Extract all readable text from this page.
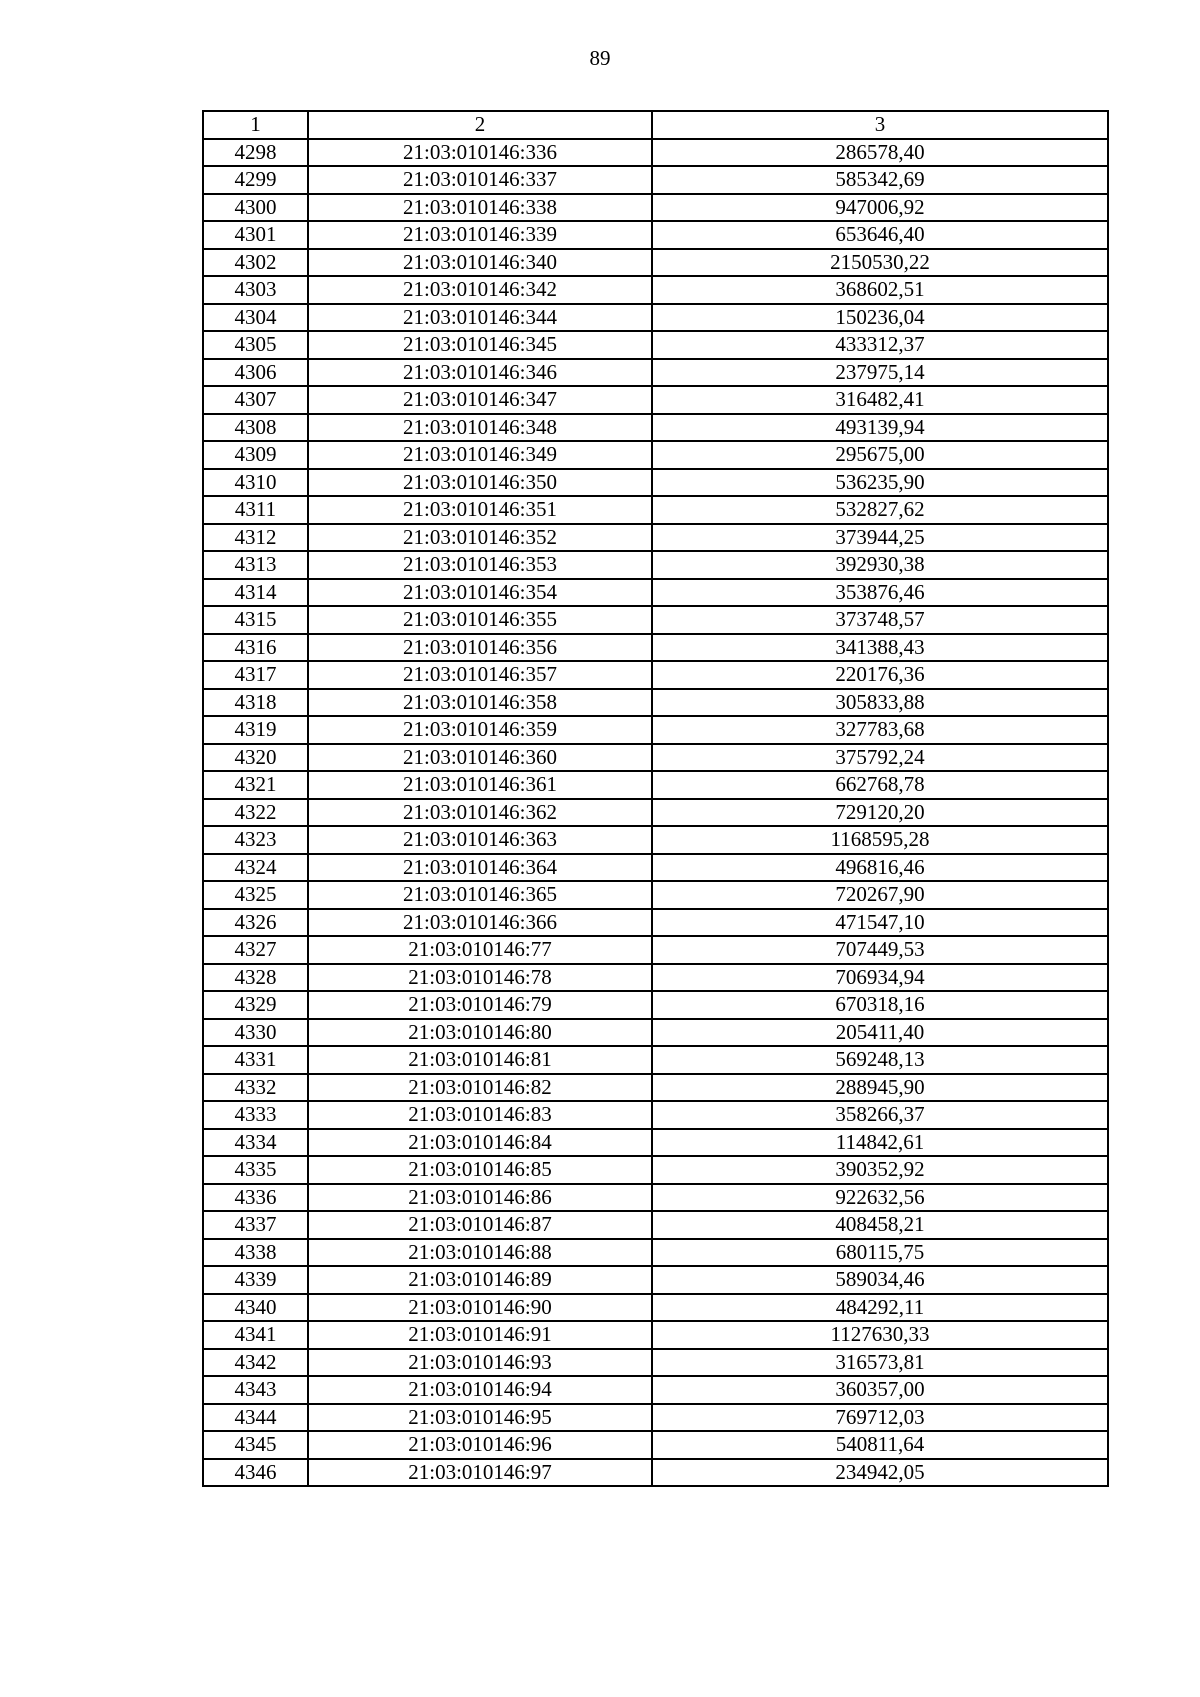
89
1	2	3
4298	21:03:010146:336	286578,40
4299	21:03:010146:337	585342,69
4300	21:03:010146:338	947006,92
4301	21:03:010146:339	653646,40
4302	21:03:010146:340	2150530,22
4303	21:03:010146:342	368602,51
4304	21:03:010146:344	150236,04
4305	21:03:010146:345	433312,37
4306	21:03:010146:346	237975,14
4307	21:03:010146:347	316482,41
4308	21:03:010146:348	493139,94
4309	21:03:010146:349	295675,00
4310	21:03:010146:350	536235,90
4311	21:03:010146:351	532827,62
4312	21:03:010146:352	373944,25
4313	21:03:010146:353	392930,38
4314	21:03:010146:354	353876,46
4315	21:03:010146:355	373748,57
4316	21:03:010146:356	341388,43
4317	21:03:010146:357	220176,36
4318	21:03:010146:358	305833,88
4319	21:03:010146:359	327783,68
4320	21:03:010146:360	375792,24
4321	21:03:010146:361	662768,78
4322	21:03:010146:362	729120,20
4323	21:03:010146:363	1168595,28
4324	21:03:010146:364	496816,46
4325	21:03:010146:365	720267,90
4326	21:03:010146:366	471547,10
4327	21:03:010146:77	707449,53
4328	21:03:010146:78	706934,94
4329	21:03:010146:79	670318,16
4330	21:03:010146:80	205411,40
4331	21:03:010146:81	569248,13
4332	21:03:010146:82	288945,90
4333	21:03:010146:83	358266,37
4334	21:03:010146:84	114842,61
4335	21:03:010146:85	390352,92
4336	21:03:010146:86	922632,56
4337	21:03:010146:87	408458,21
4338	21:03:010146:88	680115,75
4339	21:03:010146:89	589034,46
4340	21:03:010146:90	484292,11
4341	21:03:010146:91	1127630,33
4342	21:03:010146:93	316573,81
4343	21:03:010146:94	360357,00
4344	21:03:010146:95	769712,03
4345	21:03:010146:96	540811,64
4346	21:03:010146:97	234942,05
